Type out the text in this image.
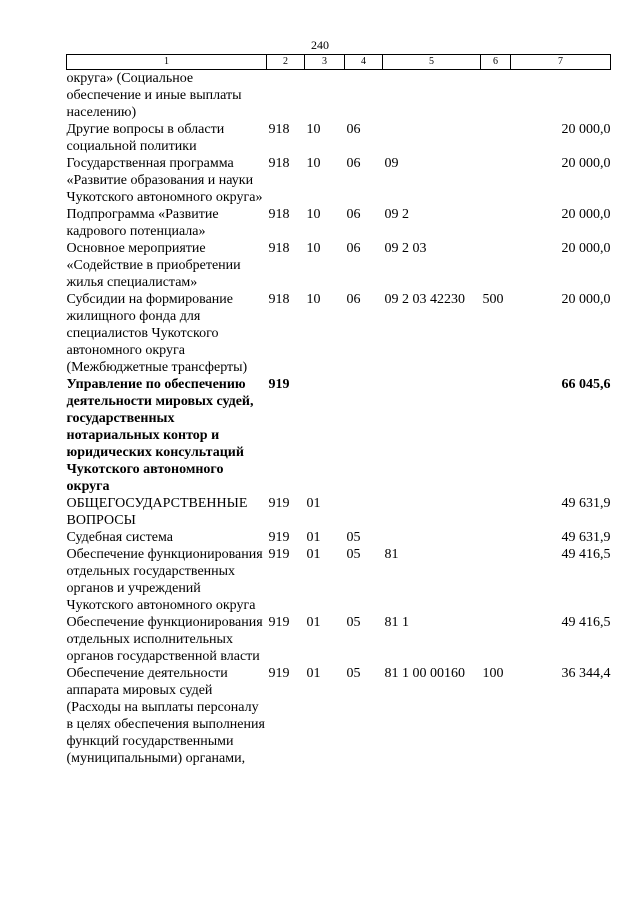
240
1	2	3	4	5	6	7
округа» (Социальное обеспечение и иные выплаты населению)						
Другие вопросы в области социальной политики	918	10	06			20 000,0
Государственная программа «Развитие образования и науки Чукотского автономного округа»	918	10	06	09		20 000,0
Подпрограмма «Развитие кадрового потенциала»	918	10	06	09 2		20 000,0
Основное мероприятие «Содействие в приобретении жилья специалистам»	918	10	06	09 2 03		20 000,0
Субсидии на формирование жилищного фонда для специалистов Чукотского автономного округа (Межбюджетные трансферты)	918	10	06	09 2 03 42230	500	20 000,0
Управление по обеспечению деятельности мировых судей, государственных нотариальных контор и юридических консультаций Чукотского автономного округа	919					66 045,6
ОБЩЕГОСУДАРСТВЕННЫЕ ВОПРОСЫ	919	01				49 631,9
Судебная система	919	01	05			49 631,9
Обеспечение функционирования отдельных государственных органов и учреждений Чукотского автономного округа	919	01	05	81		49 416,5
Обеспечение функционирования отдельных исполнительных органов государственной власти	919	01	05	81 1		49 416,5
Обеспечение деятельности аппарата мировых судей (Расходы на выплаты персоналу в целях обеспечения выполнения функций государственными (муниципальными) органами,	919	01	05	81 1 00 00160	100	36 344,4
